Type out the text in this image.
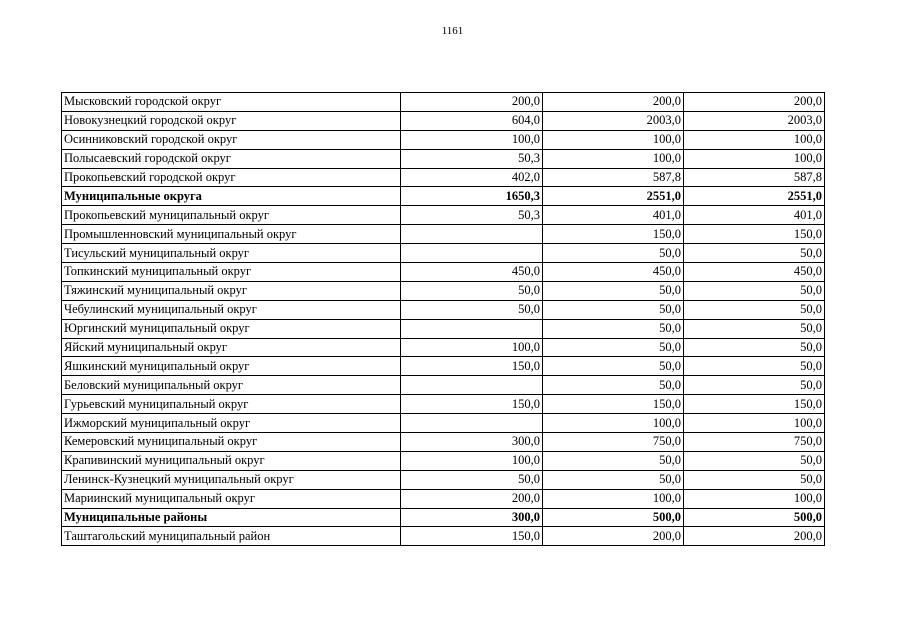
1161
Мысковский городской округ	200,0	200,0	200,0
Новокузнецкий городской округ	604,0	2003,0	2003,0
Осинниковский городской округ	100,0	100,0	100,0
Полысаевский городской округ	50,3	100,0	100,0
Прокопьевский городской округ	402,0	587,8	587,8
Муниципальные округа	1650,3	2551,0	2551,0
Прокопьевский муниципальный округ	50,3	401,0	401,0
Промышленновский муниципальный округ		150,0	150,0
Тисульский муниципальный округ		50,0	50,0
Топкинский муниципальный округ	450,0	450,0	450,0
Тяжинский муниципальный округ	50,0	50,0	50,0
Чебулинский муниципальный округ	50,0	50,0	50,0
Юргинский муниципальный округ		50,0	50,0
Яйский муниципальный округ	100,0	50,0	50,0
Яшкинский муниципальный округ	150,0	50,0	50,0
Беловский муниципальный округ		50,0	50,0
Гурьевский муниципальный округ	150,0	150,0	150,0
Ижморский муниципальный округ		100,0	100,0
Кемеровский муниципальный округ	300,0	750,0	750,0
Крапивинский муниципальный округ	100,0	50,0	50,0
Ленинск-Кузнецкий муниципальный округ	50,0	50,0	50,0
Мариинский муниципальный округ	200,0	100,0	100,0
Муниципальные районы	300,0	500,0	500,0
Таштагольский муниципальный район	150,0	200,0	200,0
